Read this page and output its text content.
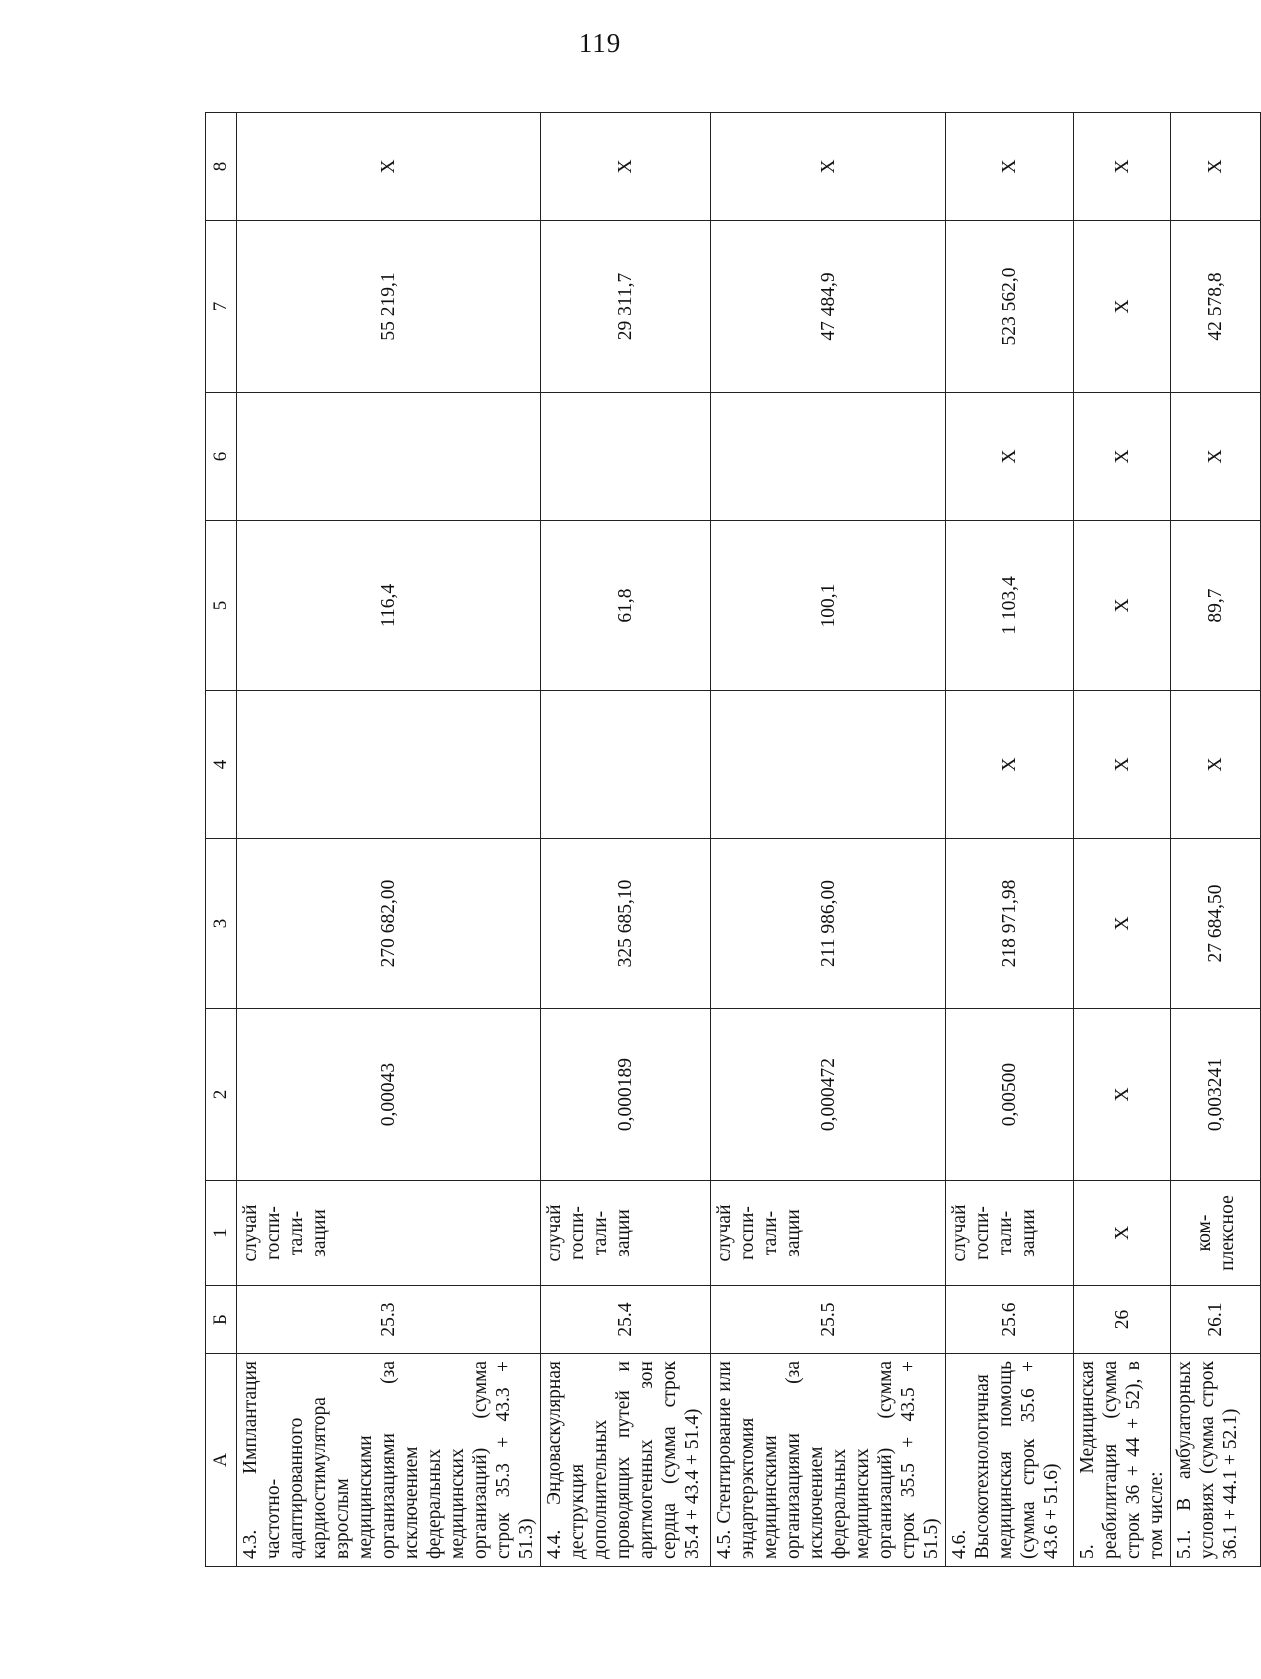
119
А	Б	1	2	3	4	5	6	7	8
4.3. Имплантация частотно-адаптированного кардиостимулятора взрослым медицинскими организациями (за исключением федеральных медицинских организаций) (сумма строк 35.3 + 43.3 + 51.3)	25.3	случай
госпи-
тали-
зации	0,00043	270 682,00		116,4		55 219,1	X
4.4. Эндоваскулярная деструкция дополнительных проводящих путей и аритмогенных зон сердца (сумма строк 35.4 + 43.4 + 51.4)	25.4	случай
госпи-
тали-
зации	0,000189	325 685,10		61,8		29 311,7	X
4.5. Стентирование или эндартерэктомия медицинскими организациями (за исключением федеральных медицинских организаций) (сумма строк 35.5 + 43.5 + 51.5)	25.5	случай
госпи-
тали-
зации	0,000472	211 986,00		100,1		47 484,9	X
4.6. Высокотехнологичная медицинская помощь (сумма строк 35.6 + 43.6 + 51.6)	25.6	случай
госпи-
тали-
зации	0,00500	218 971,98	X	1 103,4	X	523 562,0	X
5. Медицинская реабилитация (сумма строк 36 + 44 + 52), в том числе:	26	X	X	X	X	X	X	X	X
5.1. В амбулаторных условиях (сумма строк 36.1 + 44.1 + 52.1)	26.1	ком-
плексное	0,003241	27 684,50	X	89,7	X	42 578,8	X
